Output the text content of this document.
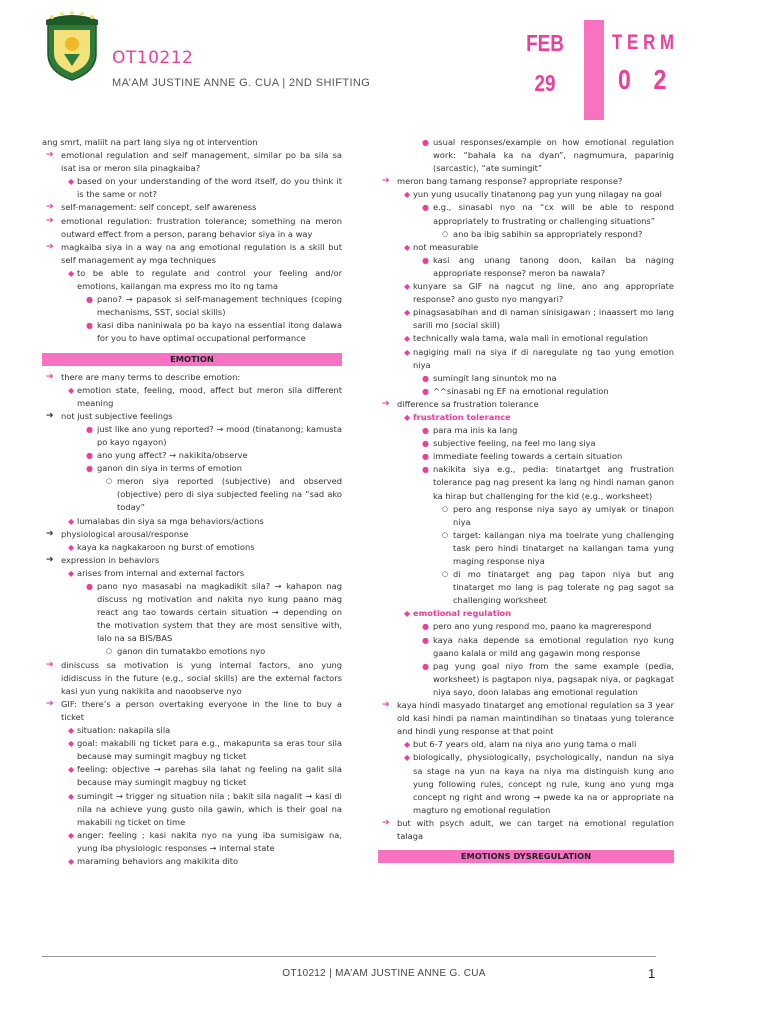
OT10212
MA’AM JUSTINE ANNE G. CUA | 2ND SHIFTING
FEB
29
TERM
0 2
ang smrt, maliit na part lang siya ng ot intervention
➔ emotional regulation and self management, similar po ba sila sa isat isa or meron sila pinagkaiba?
◆ based on your understanding of the word itself, do you think it is the same or not?
➔ self-management: self concept, self awareness
➔ emotional regulation: frustration tolerance; something na meron outward effect from a person, parang behavior siya in a way
➔ magkaiba siya in a way na ang emotional regulation is a skill but self management ay mga techniques
◆ to be able to regulate and control your feeling and/or emotions, kailangan ma express mo ito ng tama
● pano? → papasok si self-management techniques (coping mechanisms, SST, social skills)
● kasi diba naniniwala po ba kayo na essential itong dalawa for you to have optimal occupational performance
EMOTION
➔ there are many terms to describe emotion:
◆ emotion state, feeling, mood, affect but meron sila different meaning
➔ not just subjective feelings
● just like ano yung reported? → mood (tinatanong; kamusta po kayo ngayon)
● ano yung affect? → nakikita/observe
● ganon din siya in terms of emotion
○ meron siya reported (subjective) and observed (objective) pero di siya subjected feeling na “sad ako today”
◆ lumalabas din siya sa mga behaviors/actions
➔ physiological arousal/response
◆ kaya ka nagkakaroon ng burst of emotions
➔ expression in behaviors
◆ arises from internal and external factors
● pano nyo masasabi na magkadikit sila? → kahapon nag discuss ng motivation and nakita nyo kung paano mag react ang tao towards certain situation → depending on the motivation system that they are most sensitive with, lalo na sa BIS/BAS
○ ganon din tumatakbo emotions nyo
➔ diniscuss sa motivation is yung internal factors, ano yung ididiscuss in the future (e.g., social skills) are the external factors kasi yun yung nakikita and naoobserve nyo
➔ GIF: there’s a person overtaking everyone in the line to buy a ticket
◆ situation: nakapila sila
◆ goal: makabili ng ticket para e.g., makapunta sa eras tour sila because may sumingit magbuy ng ticket
◆ feeling: objective → parehas sila lahat ng feeling na galit sila because may sumingit magbuy ng ticket
◆ sumingit → trigger ng situation nila ; bakit sila nagalit → kasi di nila na achieve yung gusto nila gawin, which is their goal na makabili ng ticket on time
◆ anger: feeling ; kasi nakita nyo na yung iba sumisigaw na, yung iba physiologic responses → internal state
◆ maraming behaviors ang makikita dito
● usual responses/example on how emotional regulation work: “bahala ka na dyan”, nagmumura, paparinig (sarcastic), “ate sumingit”
➔ meron bang tamang response? appropriate response?
◆ yun yung usucally tinatanong pag yun yung nilagay na goal
● e.g., sinasabi nyo na “cx will be able to respond appropriately to frustrating or challenging situations”
○ ano ba ibig sabihin sa appropriately respond?
◆ not measurable
● kasi ang unang tanong doon, kailan ba naging appropriate response? meron ba nawala?
◆ kunyare sa GIF na nagcut ng line, ano ang appropriate response? ano gusto nyo mangyari?
◆ pinagsasabihan and di naman sinisigawan ; inaassert mo lang sarili mo (social skill)
◆ technically wala tama, wala mali in emotional regulation
◆ nagiging mali na siya if di naregulate ng tao yung emotion niya
● sumingit lang sinuntok mo na
● ^^sinasabi ng EF na emotional regulation
➔ difference sa frustration tolerance
◆ frustration tolerance
● para ma inis ka lang
● subjective feeling, na feel mo lang siya
● immediate feeling towards a certain situation
● nakikita siya e.g., pedia: tinatartget ang frustration tolerance pag nag present ka lang ng hindi naman ganon ka hirap but challenging for the kid (e.g., worksheet)
○ pero ang response niya sayo ay umiyak or tinapon niya
○ target: kailangan niya ma toelrate yung challenging task pero hindi tinatarget na kailangan tama yung maging response niya
○ di mo tinatarget ang pag tapon niya but ang tinatarget mo lang is pag tolerate ng pag sagot sa challenging worksheet
◆ emotional regulation
● pero ano yung respond mo, paano ka magrerespond
● kaya naka depende sa emotional regulation nyo kung gaano kalala or mild ang gagawin mong response
● pag yung goal niyo from the same example (pedia, worksheet) is pagtapon niya, pagsapak niya, or pagkagat niya sayo, doon lalabas ang emotional regulation
➔ kaya hindi masyado tinatarget ang emotional regulation sa 3 year old kasi hindi pa naman maintindihan so tinataas yung tolerance and hindi yung response at that point
◆ but 6-7 years old, alam na niya ano yung tama o mali
◆ biologically, physiologically, psychologically, nandun na siya sa stage na yun na kaya na niya ma distinguish kung ano yung following rules, concept ng rule, kung ano yung mga concept ng right and wrong → pwede ka na or appropriate na magturo ng emotional regulation
➔ but with psych adult, we can target na emotional regulation talaga
EMOTIONS DYSREGULATION
OT10212 | MA’AM JUSTINE ANNE G. CUA	1
